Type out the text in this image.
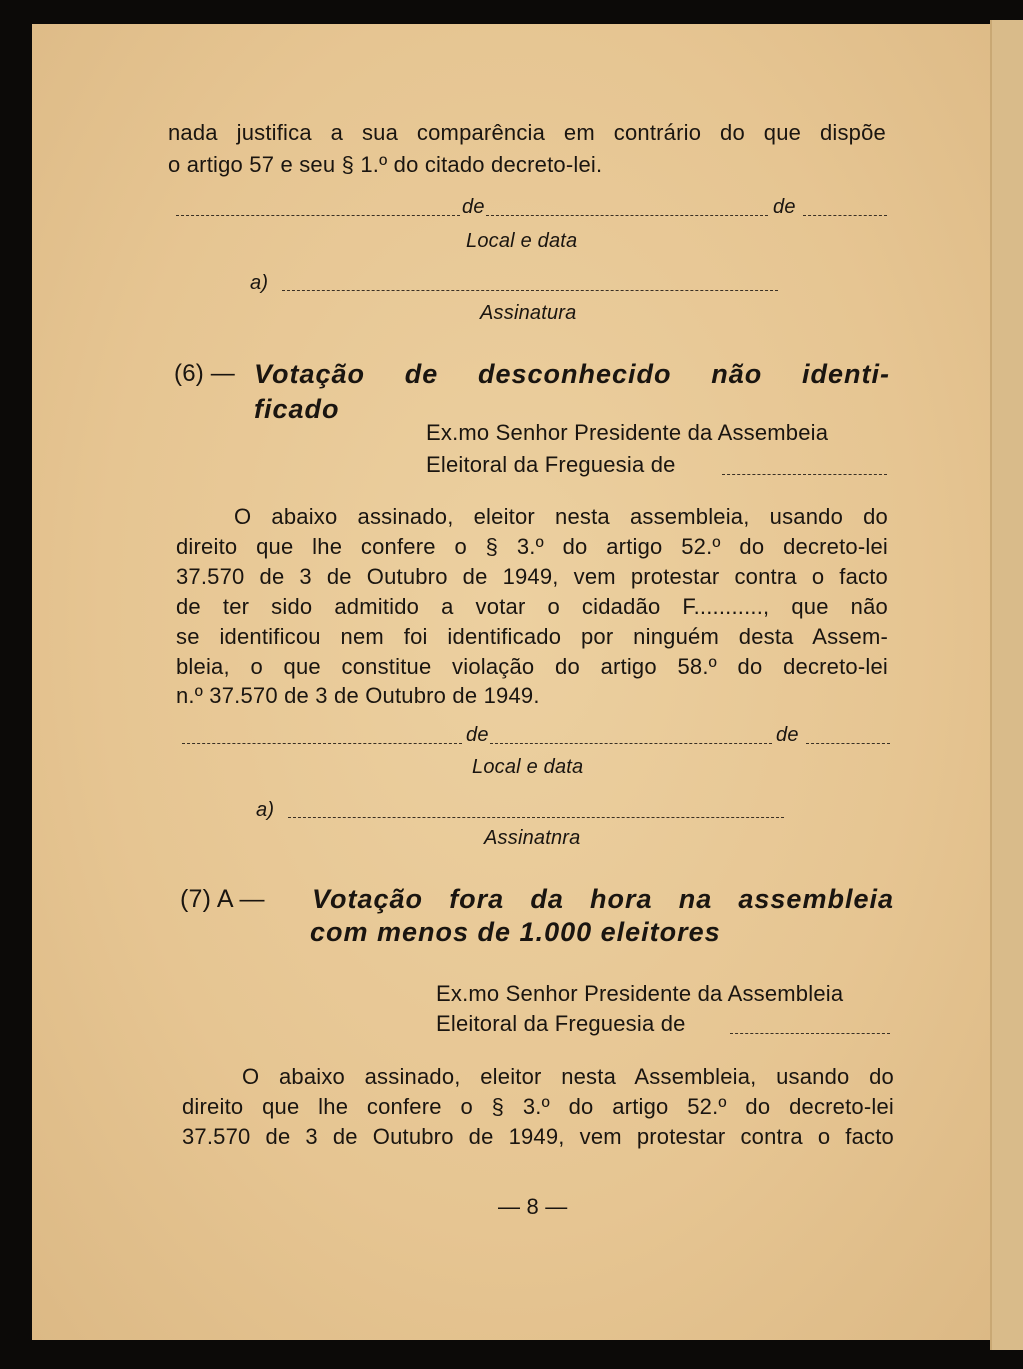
nada justifica a sua comparência em contrário do que dispõe
o artigo 57 e seu § 1.º do citado decreto-lei.
de	de
Local e data
a)
Assinatura
(6) — Votação de desconhecido não identi-
ficado
Ex.mo Senhor Presidente da Assembeia
Eleitoral da Freguesia de
O abaixo assinado, eleitor nesta assembleia, usando do
direito que lhe confere o § 3.º do artigo 52.º do decreto-lei
37.570 de 3 de Outubro de 1949, vem protestar contra o facto
de ter sido admitido a votar o cidadão F..........., que não
se identificou nem foi identificado por ninguém desta Assem-
bleia, o que constitue violação do artigo 58.º do decreto-lei
n.º 37.570 de 3 de Outubro de 1949.
de	de
Local e data
a)
Assinatnra
(7) A — Votação fora da hora na assembleia
com menos de 1.000 eleitores
Ex.mo Senhor Presidente da Assembleia
Eleitoral da Freguesia de
O abaixo assinado, eleitor nesta Assembleia, usando do
direito que lhe confere o § 3.º do artigo 52.º do decreto-lei
37.570 de 3 de Outubro de 1949, vem protestar contra o facto
— 8 —
